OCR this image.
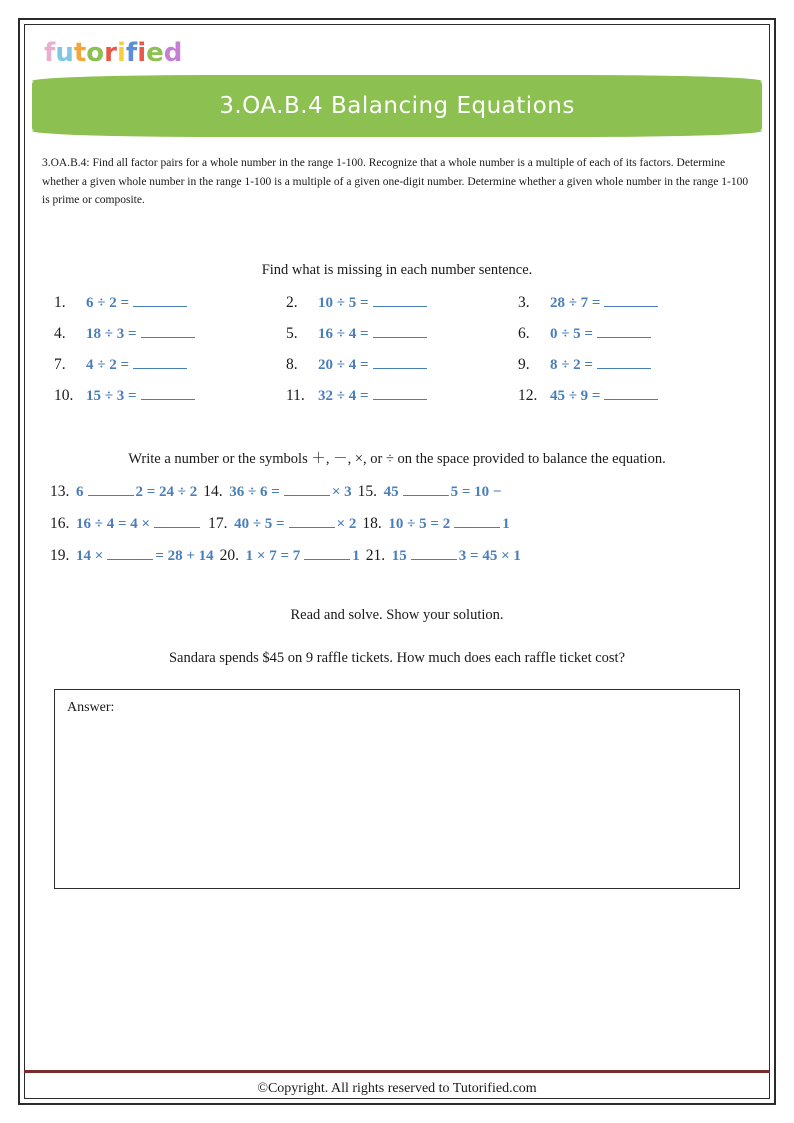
futorified
3.OA.B.4 Balancing Equations
3.OA.B.4: Find all factor pairs for a whole number in the range 1-100. Recognize that a whole number is a multiple of each of its factors. Determine whether a given whole number in the range 1-100 is a multiple of a given one-digit number. Determine whether a given whole number in the range 1-100 is prime or composite.
Find what is missing in each number sentence.
1.	6 ÷ 2 =	2.	10 ÷ 5 =	3.	28 ÷ 7 =
4.	18 ÷ 3 =	5.	16 ÷ 4 =	6.	0 ÷ 5 =
7.	4 ÷ 2 =	8.	20 ÷ 4 =	9.	8 ÷ 2 =
10. 15 ÷ 3 =	11. 32 ÷ 4 =	12. 45 ÷ 9 =
Write a number or the symbols ＋, －, ×, or ÷ on the space provided to balance the equation.
13. 6	2 = 24 ÷ 2 14. 36 ÷ 6 =	× 3 15. 45	5 = 10 −
16. 16 ÷ 4 = 4 ×	17. 40 ÷ 5 =	× 2 18. 10 ÷ 5 = 2	1
19. 14 ×	= 28 + 14 20. 1 × 7 = 7	1 21. 15	3 = 45 × 1
Read and solve. Show your solution.
Sandara spends $45 on 9 raffle tickets. How much does each raffle ticket cost?
Answer:
©Copyright. All rights reserved to Tutorified.com
